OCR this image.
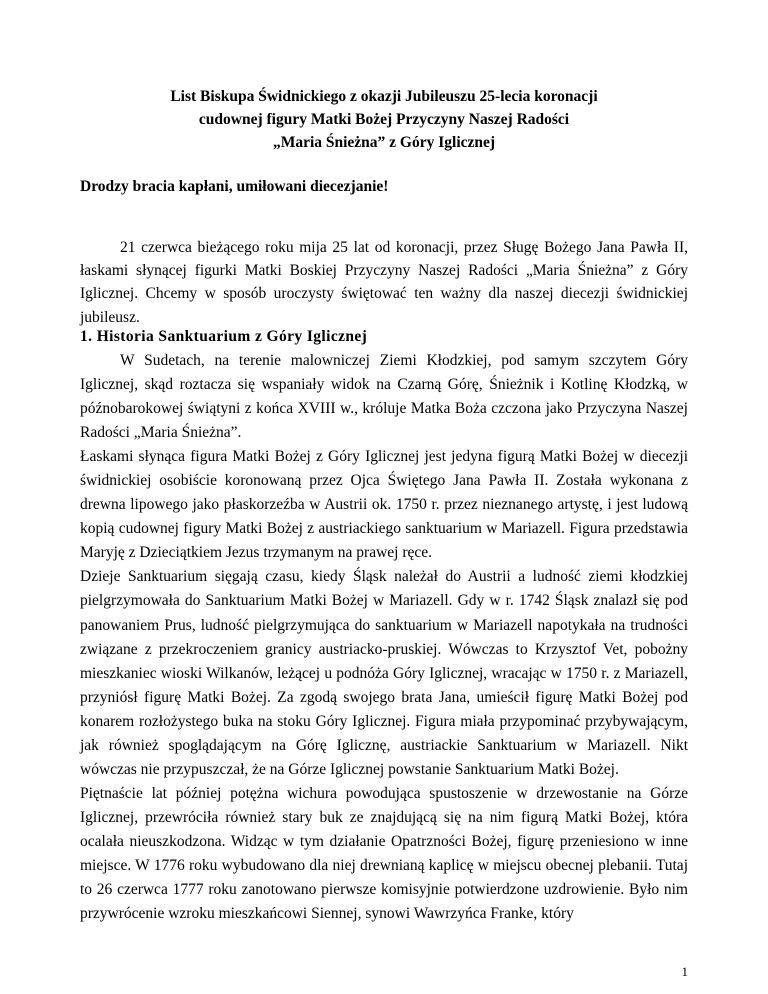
List Biskupa Świdnickiego z okazji Jubileuszu 25-lecia koronacji
cudownej figury Matki Bożej Przyczyny Naszej Radości
„Maria Śnieżna” z Góry Iglicznej
Drodzy bracia kapłani, umiłowani diecezjanie!
21 czerwca bieżącego roku mija 25 lat od koronacji, przez Sługę Bożego Jana Pawła II, łaskami słynącej figurki Matki Boskiej Przyczyny Naszej Radości „Maria Śnieżna” z Góry Iglicznej. Chcemy w sposób uroczysty świętować ten ważny dla naszej diecezji świdnickiej jubileusz.
1. Historia Sanktuarium z Góry Iglicznej

W Sudetach, na terenie malowniczej Ziemi Kłodzkiej, pod samym szczytem Góry Iglicznej, skąd roztacza się wspaniały widok na Czarną Górę, Śnieżnik i Kotlinę Kłodzką, w późnobarokowej świątyni z końca XVIII w., króluje Matka Boża czczona jako Przyczyna Naszej Radości „Maria Śnieżna”.

Łaskami słynąca figura Matki Bożej z Góry Iglicznej jest jedyna figurą Matki Bożej w diecezji świdnickiej osobiście koronowaną przez Ojca Świętego Jana Pawła II. Została wykonana z drewna lipowego jako płaskorzeźba w Austrii ok. 1750 r. przez nieznanego artystę, i jest ludową kopią cudownej figury Matki Bożej z austriackiego sanktuarium w Mariazell. Figura przedstawia Maryję z Dzieciątkiem Jezus trzymanym na prawej ręce.

Dzieje Sanktuarium sięgają czasu, kiedy Śląsk należał do Austrii a ludność ziemi kłodzkiej pielgrzymowała do Sanktuarium Matki Bożej w Mariazell. Gdy w r. 1742 Śląsk znalazł się pod panowaniem Prus, ludność pielgrzymująca do sanktuarium w Mariazell napotykała na trudności związane z przekroczeniem granicy austriacko-pruskiej. Wówczas to Krzysztof Vet, pobożny mieszkaniec wioski Wilkanów, leżącej u podnóża Góry Iglicznej, wracając w 1750 r. z Mariazell, przyniósł figurę Matki Bożej. Za zgodą swojego brata Jana, umieścił figurę Matki Bożej pod konarem rozłożystego buka na stoku Góry Iglicznej. Figura miała przypominać przybywającym, jak również spoglądającym na Górę Iglicznę, austriackie Sanktuarium w Mariazell. Nikt wówczas nie przypuszczał, że na Górze Iglicznej powstanie Sanktuarium Matki Bożej.

Piętnaście lat później potężna wichura powodująca spustoszenie w drzewostanie na Górze Iglicznej, przewróciła również stary buk ze znajdującą się na nim figurą Matki Bożej, która ocalała nieuszkodzona. Widząc w tym działanie Opatrzności Bożej, figurę przeniesiono w inne miejsce. W 1776 roku wybudowano dla niej drewnianą kaplicę w miejscu obecnej plebanii. Tutaj to 26 czerwca 1777 roku zanotowano pierwsze komisyjnie potwierdzone uzdrowienie. Było nim przywrócenie wzroku mieszkańcowi Siennej, synowi Wawrzyńca Franke, który

1
